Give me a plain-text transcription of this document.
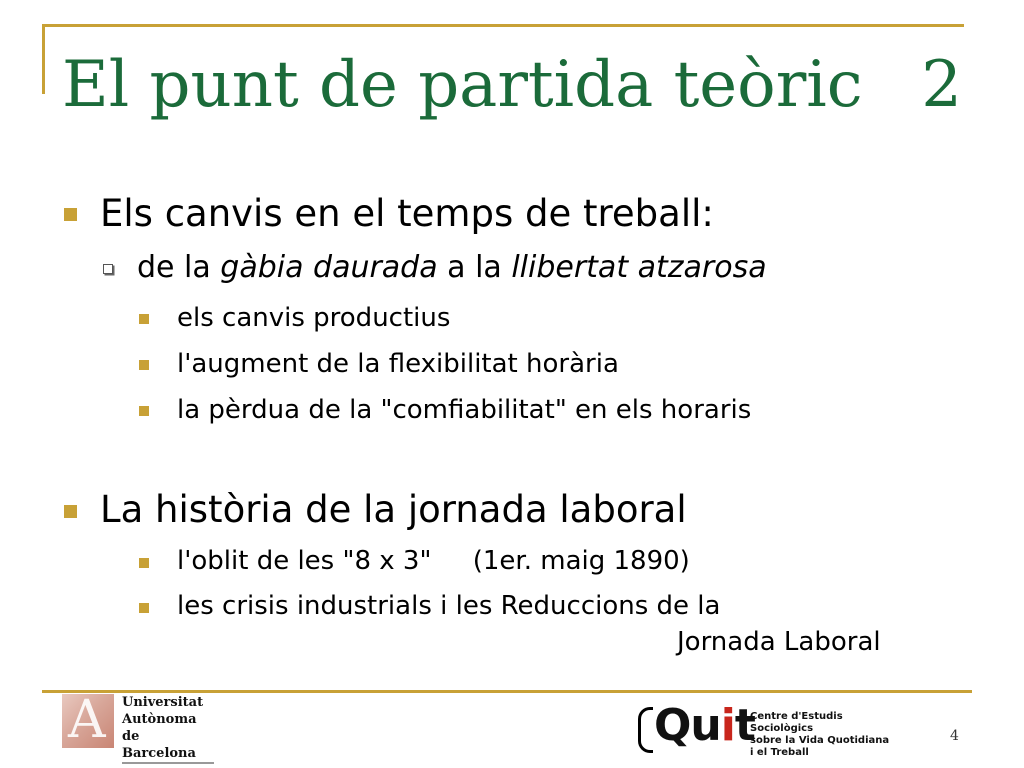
El punt de partida teòric 2
Els canvis en el temps de treball:
de la gàbia daurada a la llibertat atzarosa
els canvis productius
l'augment de la flexibilitat horària
la pèrdua de la "comfiabilitat" en els horaris
La història de la jornada laboral
l'oblit de les "8 x 3"     (1er. maig 1890)
les crisis industrials i les Reduccions de la
Jornada Laboral
A Universitat
Autònoma
de Barcelona
Quit
Centre d'Estudis Sociològics
sobre la Vida Quotidiana
i el Treball
4
